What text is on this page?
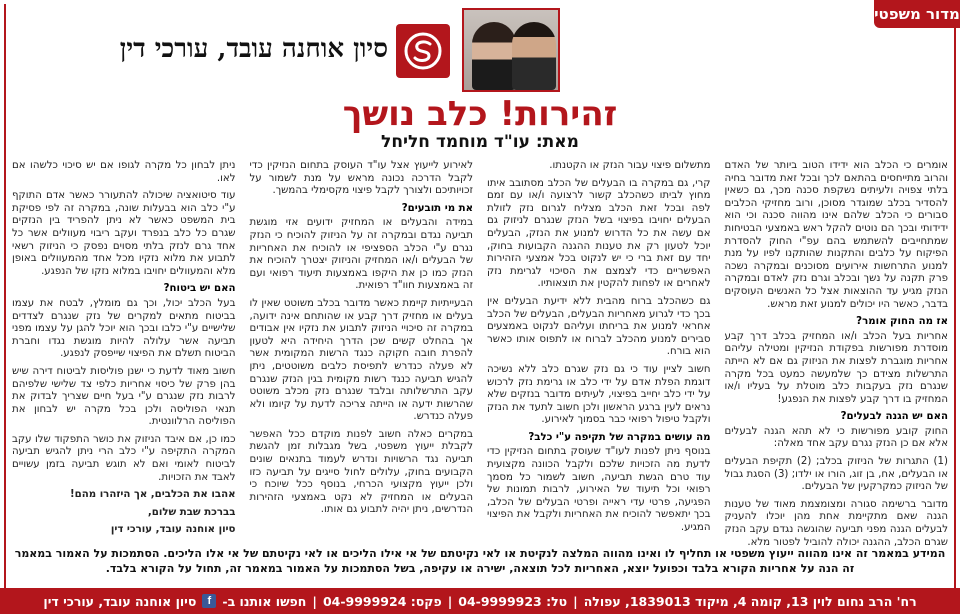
מדור משפטי
סיון אוחנה עובד, עורכי דין
זהירות! כלב נושך
מאת: עו"ד מוחמד חליחל

אומרים כי הכלב הוא ידידו הטוב ביותר של האדם והרוב מתייחסים בהתאם לכך ובכל זאת מדובר בחיה בלתי צפויה ולעיתים נשקפת סכנה מכך, גם כשאין להסדיר בכלב שמוגדר מסוכן, ורוב מחזיקי הכלבים סבורים כי הכלב שלהם אינו מהווה סכנה וכי הוא ידידותי ובכך הם נוטים להקל ראש באמצעי הבטיחות שמתחייבים להשתמש בהם עפ"י החוק להסדרת הפיקוח על כלבים והתקנות שהותקנו לפיו על מנת למנוע התרחשות אירועים מסוכנים ובמקרה נשכה פרק תקנה על נשך ובכלב וגרם נזק לאדם ובמקרה הנזק מגיע עד ההוצאות אצל כל האנשים העוסקים בדבר, כאשר היו יכולים למנוע זאת מראש.

אז מה החוק אומר?

אחריות בעל הכלב ו/או המחזיק בכלב דרך קבע מוסדרת מפורשות בפקודת הנזיקין ומטילה עליהם אחריות מוגברת לפצות את הניזוק גם אם לא הייתה התרשלות מצידם כך שלמעשה כמעט בכל מקרה שנגרם נזק בעקבות כלב מוטלת על בעליו ו/או המחזיק בו דרך קבע לפצות את הנפגע!

האם יש הגנה לבעלים?

החוק קובע מפורשות כי לא תהא הגנה לבעלים אלא אם כן הנזק נגרם עקב אחד מאלה:

(1) התגרות של הניזוק בכלב; (2) תקיפת הבעלים או הבעלים, אח, בן זוג, הורו או ילדו; (3) הסגת גבול של הניזוק כמקרקעין של הבעלים.

מדובר ברשימה סגורה ומצומצמת מאוד של טענות הגנה שאם מתקיימת אחת מהן יוכלו להעניק לבעלים הגנה מפני תביעה שהוגשה נגדם עקב הנזק שגרם הכלב, ההגנה יכולה להוביל לפטור מלא.

מתשלום פיצוי עבור הנזק או הקטנתו.

קרי, גם במקרה בו הבעלים של הכלב מסתובב איתו מחוץ לביתו כשהכלב קשור לרצועה ו/או עם זמם לפה ובכל זאת הכלב מצליח לגרום נזק לזולת הבעלים יחויבו בפיצוי בשל הנזק שנגרם לניזוק גם אם עשה את כל הדרוש למנוע את הנזק, הבעלים יוכל לטעון רק את טענות ההגנה הקבועות בחוק, יחד עם זאת ברי כי יש לנקוט בכל אמצעי הזהירות האפשריים כדי לצמצם את הסיכוי לגרימת נזק לאחרים או לפחות להקטין את תוצאותיו.

גם כשהכלב ברוח מהבית ללא ידיעת הבעלים אין בכך כדי לגרוע מאחריות הבעלים, הבעלים של הכלב אחראי למנוע את בריחתו ועליהם לנקוט באמצעים סבירים למנוע מהכלב לברוח או לתפוס אותו כאשר הוא בורח.

חשוב לציין עוד כי גם נזק שגרם כלב ללא נשיכה דוגמת הפלת אדם על ידי כלב או גרימת נזק לרכוש על ידי כלב יחייב בפיצוי, לעיתים מדובר בנזקים שלא נראים לעין ברגע הראשון ולכן חשוב לתעד את הנזק ולקבל טיפול רפואי כבר בסמוך לאירוע.

מה עושים במקרה של תקיפה ע"י כלב?

בנוסף ניתן לפנות לעו"ד שעוסק בתחום הנזיקין כדי לדעת מה הזכויות שלכם ולקבל הכוונה מקצועית עוד טרם הגשת תביעה, חשוב לשמור כל מסמך רפואי וכל תיעוד של האירוע, לרבות תמונות של הפגיעה, פרטי עדי ראייה ופרטי הבעלים של הכלב, בכך יתאפשר להוכיח את האחריות ולקבל את הפיצוי המגיע.

לאירוע לייעוץ אצל עו"ד העוסק בתחום הנזיקין כדי לקבל הדרכה נכונה מראש על מנת לשמור על זכויותיכם ולצורך לקבל פיצוי מקסימלי בהמשך.

את מי תובעים?

במידה והבעלים או המחזיק ידועים אזי מוגשת תביעה נגדם ובמקרה זה על הניזוק להוכיח כי הנזק נגרם ע"י הכלב הספציפי או להוכיח את האחריות של הבעלים ו/או המחזיק והניזוק יצטרך להוכיח את הנזק כמו כן את היקפו באמצעות תיעוד רפואי ועם זה באמצעות חוו"ד רפואית.

הבעייתיות קיימת כאשר מדובר בכלב משוטט שאין לו בעלים או מחזיק דרך קבע או שהותחם אינה ידועה, במקרה זה סיכויי הניזוק לתבוע את נזקיו אין אבודים אך בהחלט קשים שכן הדרך היחידה היא לטעון להפרת חובה חקוקה כנגד הרשות המקומית אשר לא פעלה כנדרש לתפיסת כלבים משוטטים, ניתן להגיש תביעה כנגד רשות מקומית בגין הנזק שנגרם עקב התרשלותה ובלבד שנגרם נזק מכלב משוטט שהרשות ידעה או הייתה צריכה לדעת על קיומו ולא פעלה כנדרש.

במקרים כאלה חשוב לפנות מוקדם ככל האפשר לקבלת ייעוץ משפטי, בשל מגבלות זמן להגשת תביעה נגד הרשויות ונדרש לעמוד בתנאים שונים הקבועים בחוק, עלולים לחול סייגים על תביעה כזו ולכן ייעוץ מקצועי הכרחי, בנוסף ככל שיוכח כי הבעלים או המחזיק לא נקט באמצעי הזהירות הנדרשים, ניתן יהיה לתבוע גם אותו.

ניתן לבחון כל מקרה לגופו אם יש סיכוי כלשהו אם לאו.

עוד סיטואציה שיכולה להתעורר כאשר אדם התוקף ע"י כלב הוא בבעלות שונה, במקרה זה לפי פסיקת בית המשפט כאשר לא ניתן להפריד בין הנזקים שגרם כל כלב בנפרד ועקב ריבוי מעוולים אשר כל אחד גרם לנזק בלתי מסוים נפסק כי הניזוק רשאי לתבוע את מלוא נזקיו מכל אחד מהמעוולים באופן מלא והמעוולים יחויבו במלוא נזקו של הנפגע.

האם יש ביטוח?

בעל הכלב יכול, וכך גם מומלץ, לבטח את עצמו בביטוח מתאים למקרים של נזק שנגרם לצדדים שלישיים ע"י כלבו ובכך הוא יוכל להגן על עצמו מפני תביעה אשר עלולה להיות מוגשת נגדו וחברת הביטוח תשלם את הפיצוי שייפסק לנפגע.

חשוב מאוד לדעת כי ישנן פוליסות לביטוח דירה שיש בהן פרק של כיסוי אחריות כלפי צד שלישי שלפיהם לרבות נזק שנגרם ע"י בעל חיים שצריך לבדוק את תנאי הפוליסה ולכן בכל מקרה יש לבחון את הפוליסה הרלוונטית.

כמו כן, אם איבד הניזוק את כושר התפקוד שלו עקב המקרה התקיפה ע"י כלב הרי ניתן להגיש תביעה לביטוח לאומי ואם לא תוגש תביעה בזמן עשויים לאבד את הזכויות.

אהבו את הכלבים, אך היזהרו מהם!

בברכת שבת שלום,

סיון אוחנה עובד, עורכי דין

המידע במאמר זה אינו מהווה ייעוץ משפטי או תחליף לו ואינו מהווה המלצה לנקיטת או לאי נקיטתם של אי אילו הליכים או לאי נקיטתם של אי אלו הליכים. הסתמכות על האמור במאמר זה הנה על אחריות הקורא בלבד וכפועל יוצא, האחריות לכל תוצאה, ישירה או עקיפה, בשל הסתמכות על האמור במאמר זה, תחול על הקורא בלבד.
רח' הרב נחום לוין 13, קומה 4, מיקוד 1839013, עפולה
|
טל: 04-9999923
|
פקס: 04-9999924
|
חפשו אותנו ב-
f
סיון אוחנה עובד, עורכי דין
